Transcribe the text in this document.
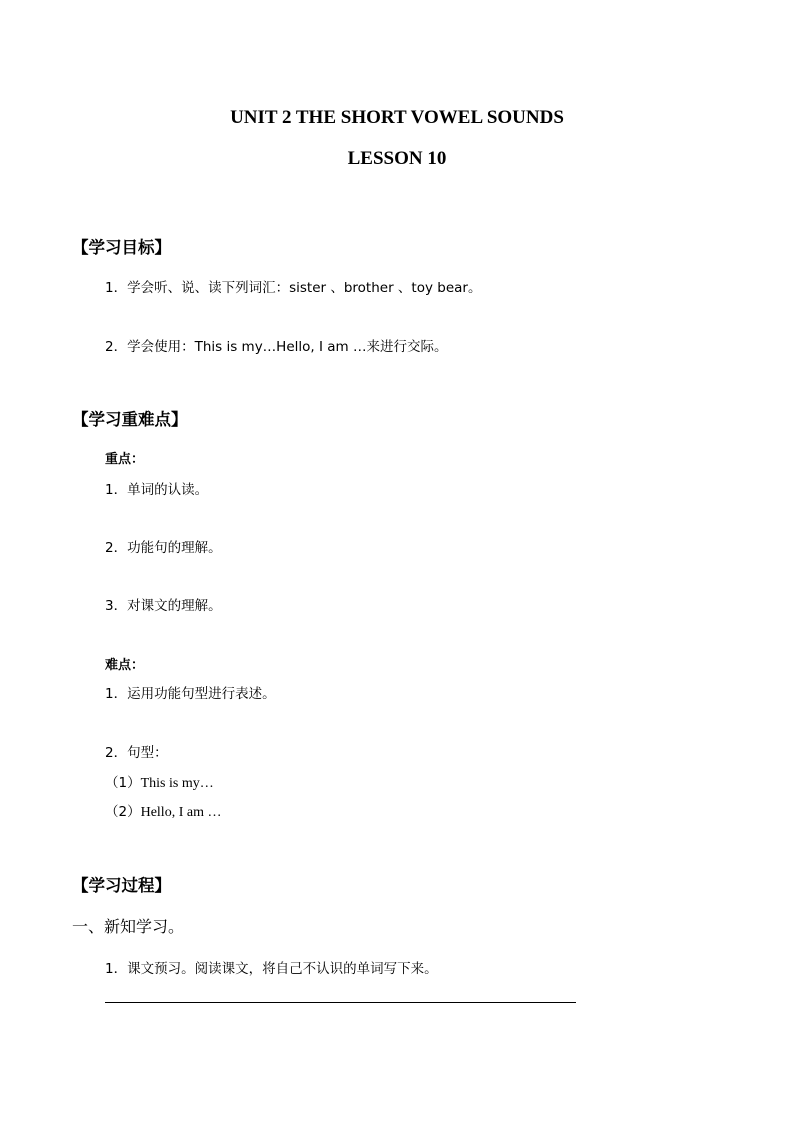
UNIT 2 THE SHORT VOWEL SOUNDS
LESSON 10
【学习目标】
1．学会听、说、读下列词汇：sister 、brother 、toy bear。
2．学会使用：This is my…Hello, I am …来进行交际。
【学习重难点】
重点：
1．单词的认读。
2．功能句的理解。
3．对课文的理解。
难点：
1．运用功能句型进行表述。
2．句型：
（1）This is my…
（2）Hello, I am …
【学习过程】
一、新知学习。
1．课文预习。阅读课文，将自己不认识的单词写下来。
